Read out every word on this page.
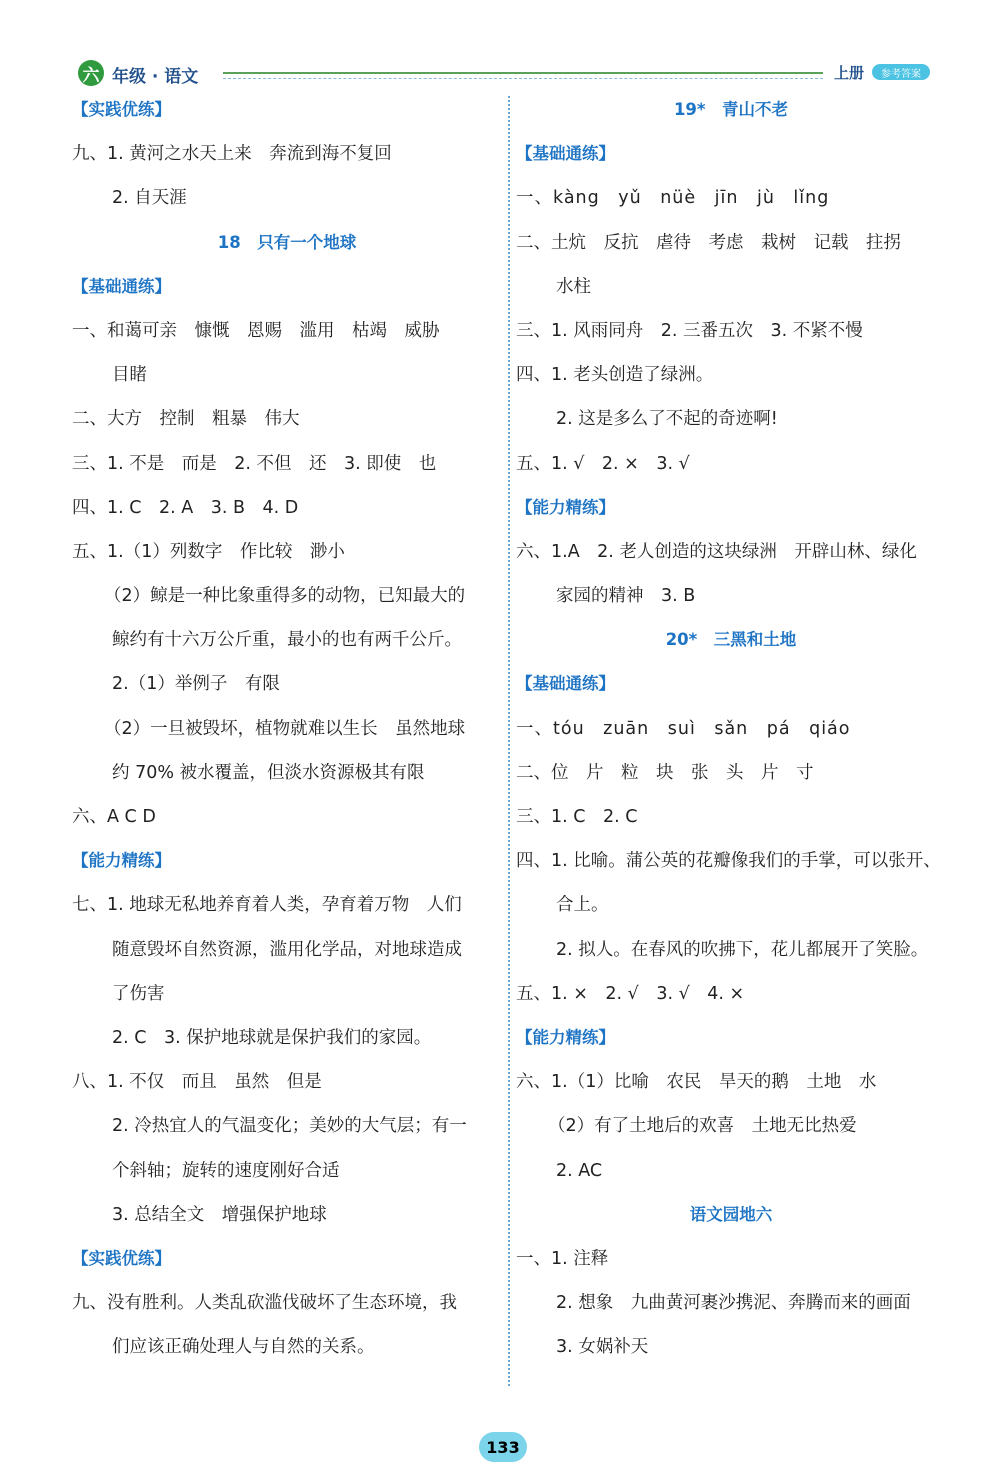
六 年级 · 语文	上册	参考答案
【实践优练】
九、1. 黄河之水天上来　奔流到海不复回
2. 自天涯
18　只有一个地球
【基础通练】
一、和蔼可亲　慷慨　恩赐　滥用　枯竭　威胁
目睹
二、大方　控制　粗暴　伟大
三、1. 不是　而是　2. 不但　还　3. 即使　也
四、1. C　2. A　3. B　4. D
五、1.（1）列数字　作比较　渺小
（2）鲸是一种比象重得多的动物，已知最大的
鲸约有十六万公斤重，最小的也有两千公斤。
2.（1）举例子　有限
（2）一旦被毁坏，植物就难以生长　虽然地球
约 70% 被水覆盖，但淡水资源极其有限
六、A C D
【能力精练】
七、1. 地球无私地养育着人类，孕育着万物　人们
随意毁坏自然资源，滥用化学品，对地球造成
了伤害
2. C　3. 保护地球就是保护我们的家园。
八、1. 不仅　而且　虽然　但是
2. 冷热宜人的气温变化；美妙的大气层；有一
个斜轴；旋转的速度刚好合适
3. 总结全文　增强保护地球
【实践优练】
九、没有胜利。人类乱砍滥伐破坏了生态环境，我
们应该正确处理人与自然的关系。
19*　青山不老
【基础通练】
一、kàng　yǔ　nüè　jīn　jù　lǐng
二、土炕　反抗　虐待　考虑　栽树　记载　拄拐
水柱
三、1. 风雨同舟　2. 三番五次　3. 不紧不慢
四、1. 老头创造了绿洲。
2. 这是多么了不起的奇迹啊!
五、1. √　2. ×　3. √
【能力精练】
六、1.A　2. 老人创造的这块绿洲　开辟山林、绿化
家园的精神　3. B
20*　三黑和土地
【基础通练】
一、tóu　zuān　suì　sǎn　pá　qiáo
二、位　片　粒　块　张　头　片　寸
三、1. C　2. C
四、1. 比喻。蒲公英的花瓣像我们的手掌，可以张开、
合上。
2. 拟人。在春风的吹拂下，花儿都展开了笑脸。
五、1. ×　2. √　3. √　4. ×
【能力精练】
六、1.（1）比喻　农民　旱天的鹅　土地　水
（2）有了土地后的欢喜　土地无比热爱
2. AC
语文园地六
一、1. 注释
2. 想象　九曲黄河裹沙携泥、奔腾而来的画面
3. 女娲补天
133
